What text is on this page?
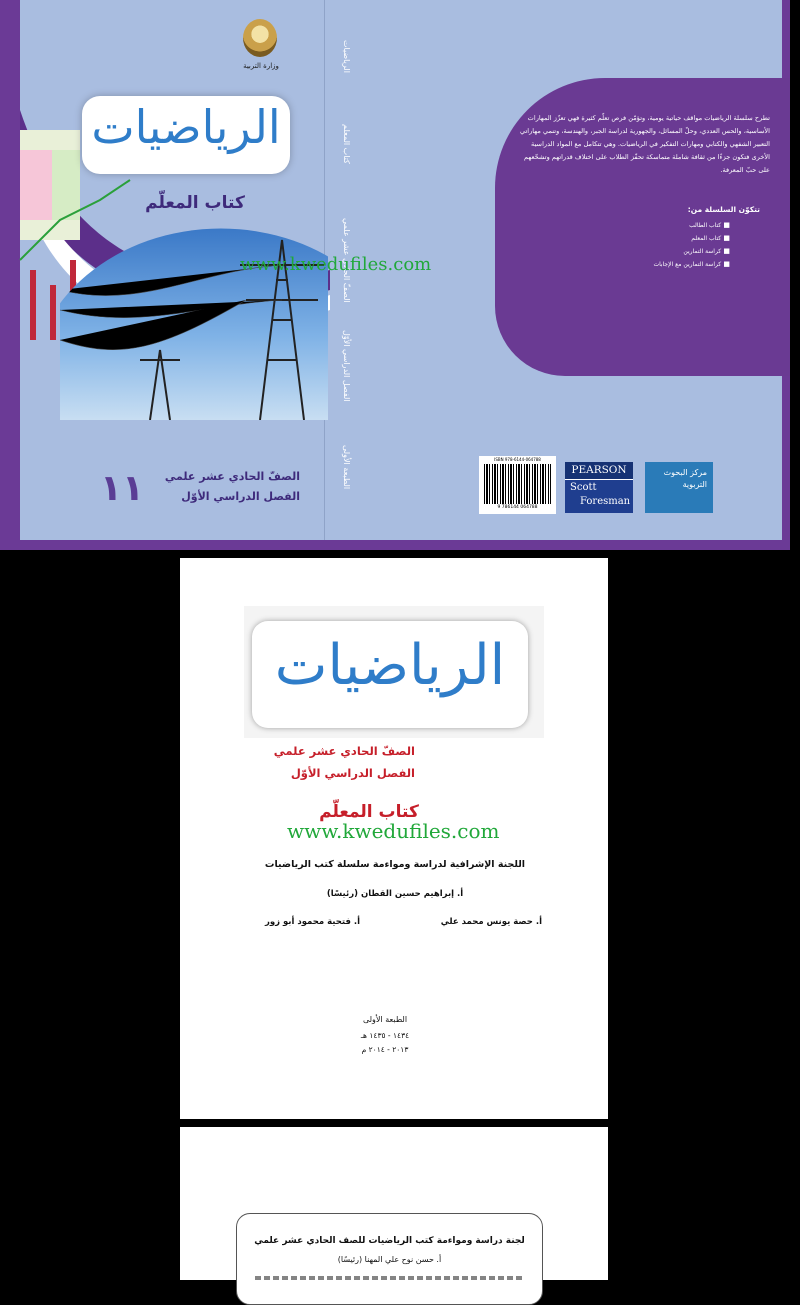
تطرح سلسلة الرياضيات مواقف حياتية يومية، وتؤمّن فرص تعلّم كثيرة فهي تعزّز المهارات الأساسية، والحس العددي، وحلّ المسائل، والجهورية لدراسة الجبر، والهندسة، وتنمي مهاراتي التعبير الشفهي والكتابي ومهارات التفكير في الرياضيات. وهي تتكامل مع المواد الدراسية الأخرى فتكون جزءًا من ثقافة شاملة متماسكة تحفّز الطلاب على اختلاف قدراتهم وتشحّعهم على حبّ المعرفة.
تتكوّن السلسلة من:
■ كتاب الطالب
■ كتاب المعلم
■ كراسة التمارين
■ كراسة التمارين مع الإجابات
ISBN 978-6144-064788
9 786144 064788
PEARSON
Scott
Foresman
مركز البحوث التربوية
الرياضيات
كتاب المعلم
الصفّ الحادي عشر علمي
الفصل الدراسي الأوّل
الطبعة الأولى
وزارة التربية
الرياضيات
كتاب المعلّم
الصفّ الحادي عشر علمي
الفصل الدراسي الأوّل
١١
www.kwedufiles.com
الرياضيات
الصفّ الحادي عشر علمي
الفصل الدراسي الأوّل
كتاب المعلّم
www.kwedufiles.com
اللجنة الإشرافية لدراسة ومواءمة سلسلة كتب الرياضيات
أ. إبراهيم حسين القطان (رئيسًا)
أ. حصة يونس محمد علي
أ. فتحية محمود أبو زور
الطبعة الأولى
١٤٣٤ - ١٤٣٥ هـ
٢٠١٣ - ٢٠١٤ م
لجنة دراسة ومواءمة كتب الرياضيات للصف الحادي عشر علمي
أ. حسن نوح علي المهنا (رئيسًا)
